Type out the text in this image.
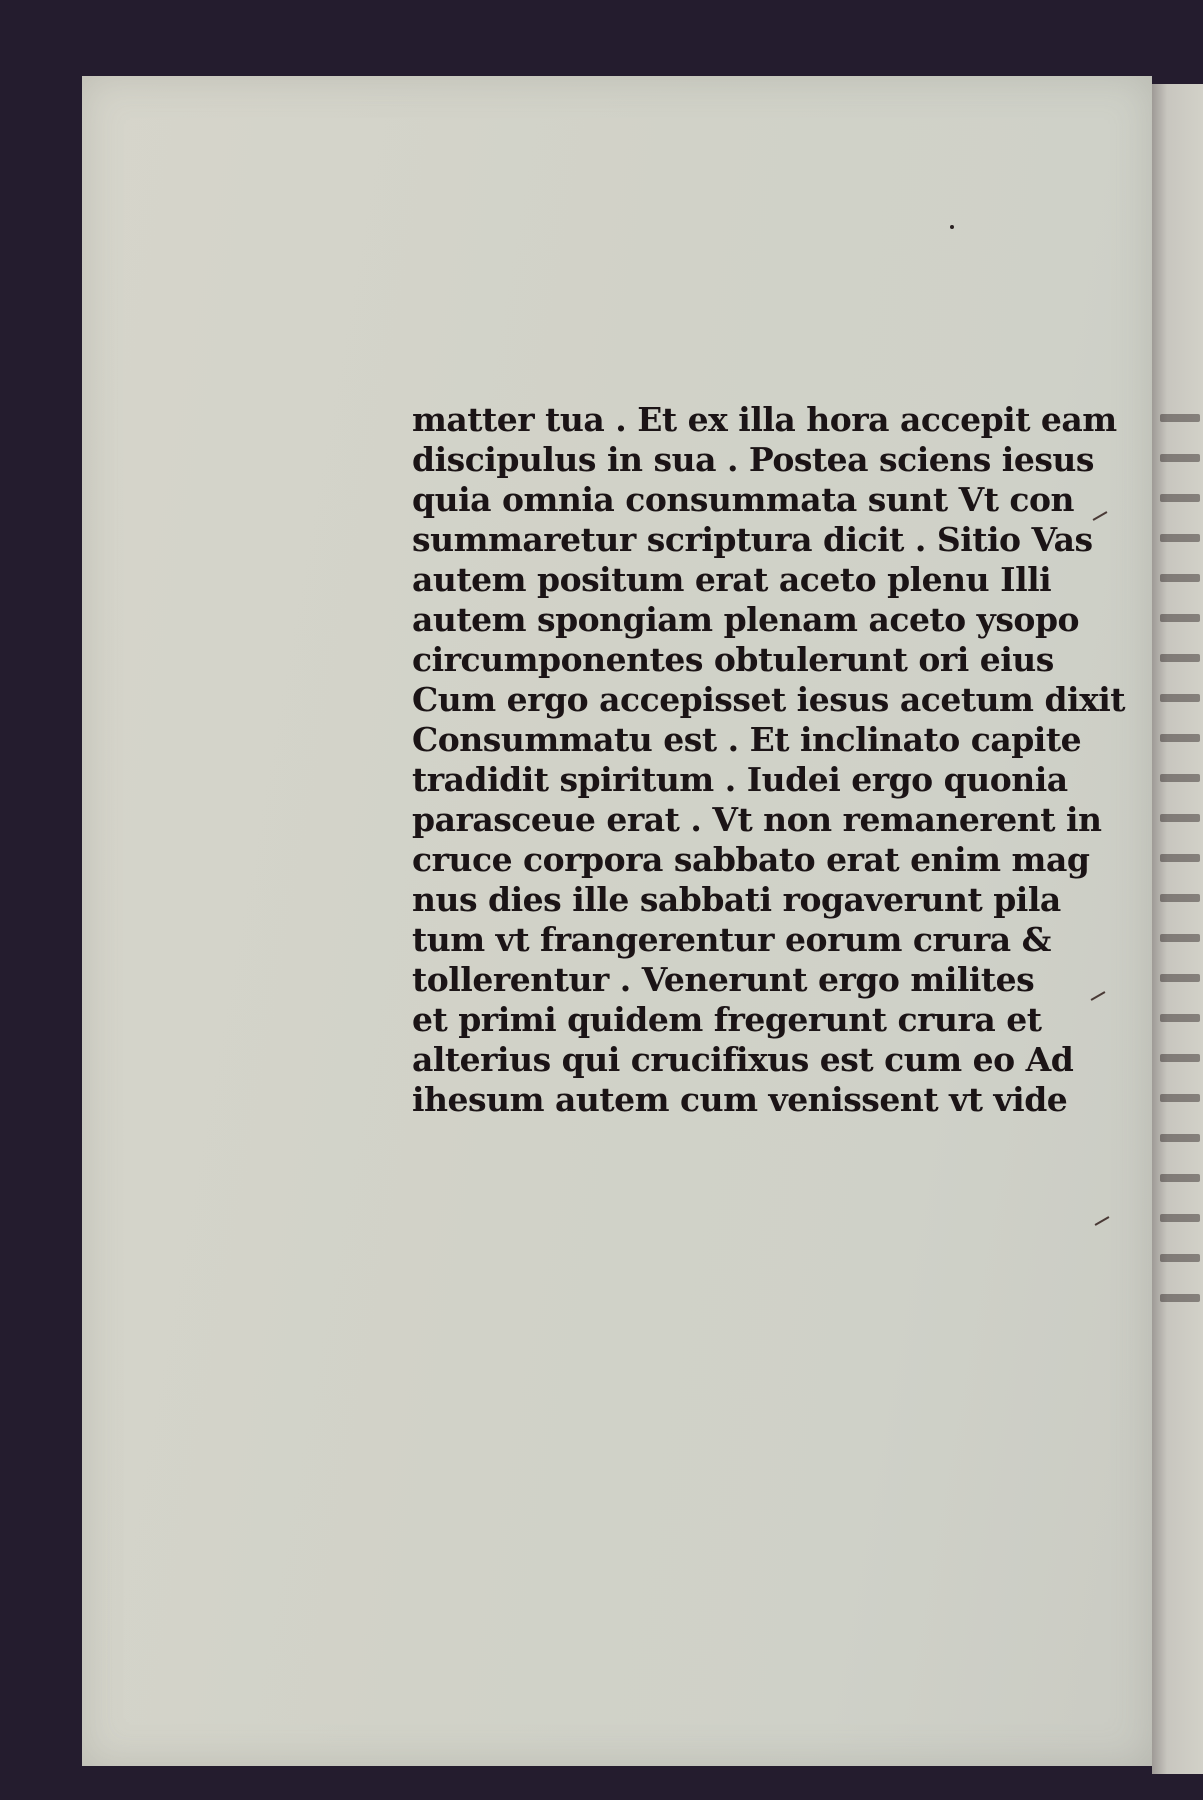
matter tua . Et ex illa hora accepit eam
discipulus in sua . Postea sciens iesus
quia omnia consummata sunt Vt con
summaretur scriptura dicit . Sitio Vas
autem positum erat aceto plenu Illi
autem spongiam plenam aceto ysopo
circumponentes obtulerunt ori eius
Cum ergo accepisset iesus acetum dixit
Consummatu est . Et inclinato capite
tradidit spiritum . Iudei ergo quonia
parasceue erat . Vt non remanerent in
cruce corpora sabbato erat enim mag
nus dies ille sabbati rogaverunt pila
tum vt frangerentur eorum crura &
tollerentur . Venerunt ergo milites
et primi quidem fregerunt crura et
alterius qui crucifixus est cum eo Ad
ihesum autem cum venissent vt vide
